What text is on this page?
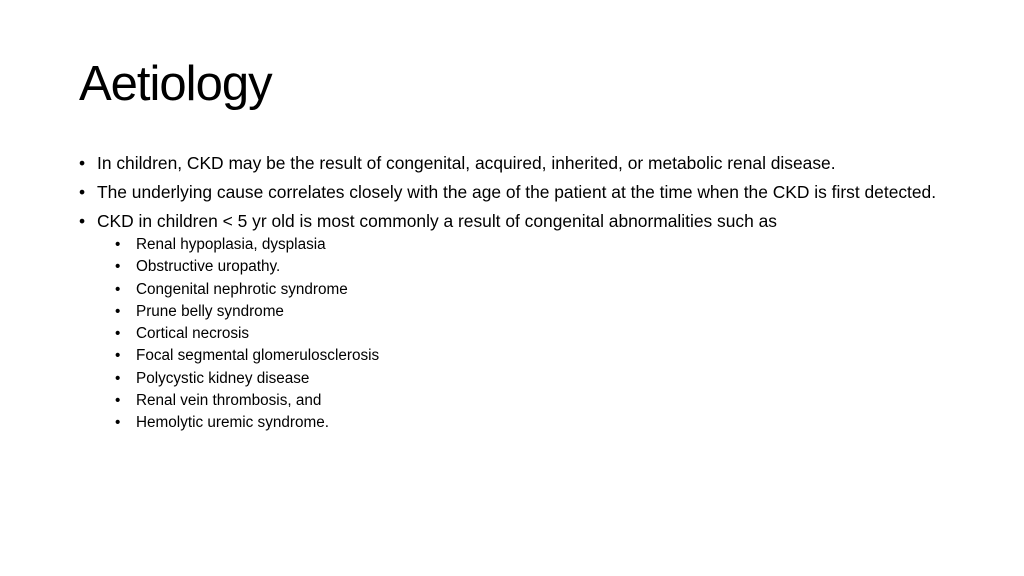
Aetiology
• In children, CKD may be the result of congenital, acquired, inherited, or metabolic renal disease.
• The underlying cause correlates closely with the age of the patient at the time when the CKD is first detected.
• CKD in children < 5 yr old is most commonly a result of congenital abnormalities such as
•	Renal hypoplasia, dysplasia
•	Obstructive uropathy.
•	Congenital nephrotic syndrome
•	Prune belly syndrome
•	Cortical necrosis
•	Focal segmental glomerulosclerosis
•	Polycystic kidney disease
•	Renal vein thrombosis, and
•	Hemolytic uremic syndrome.
